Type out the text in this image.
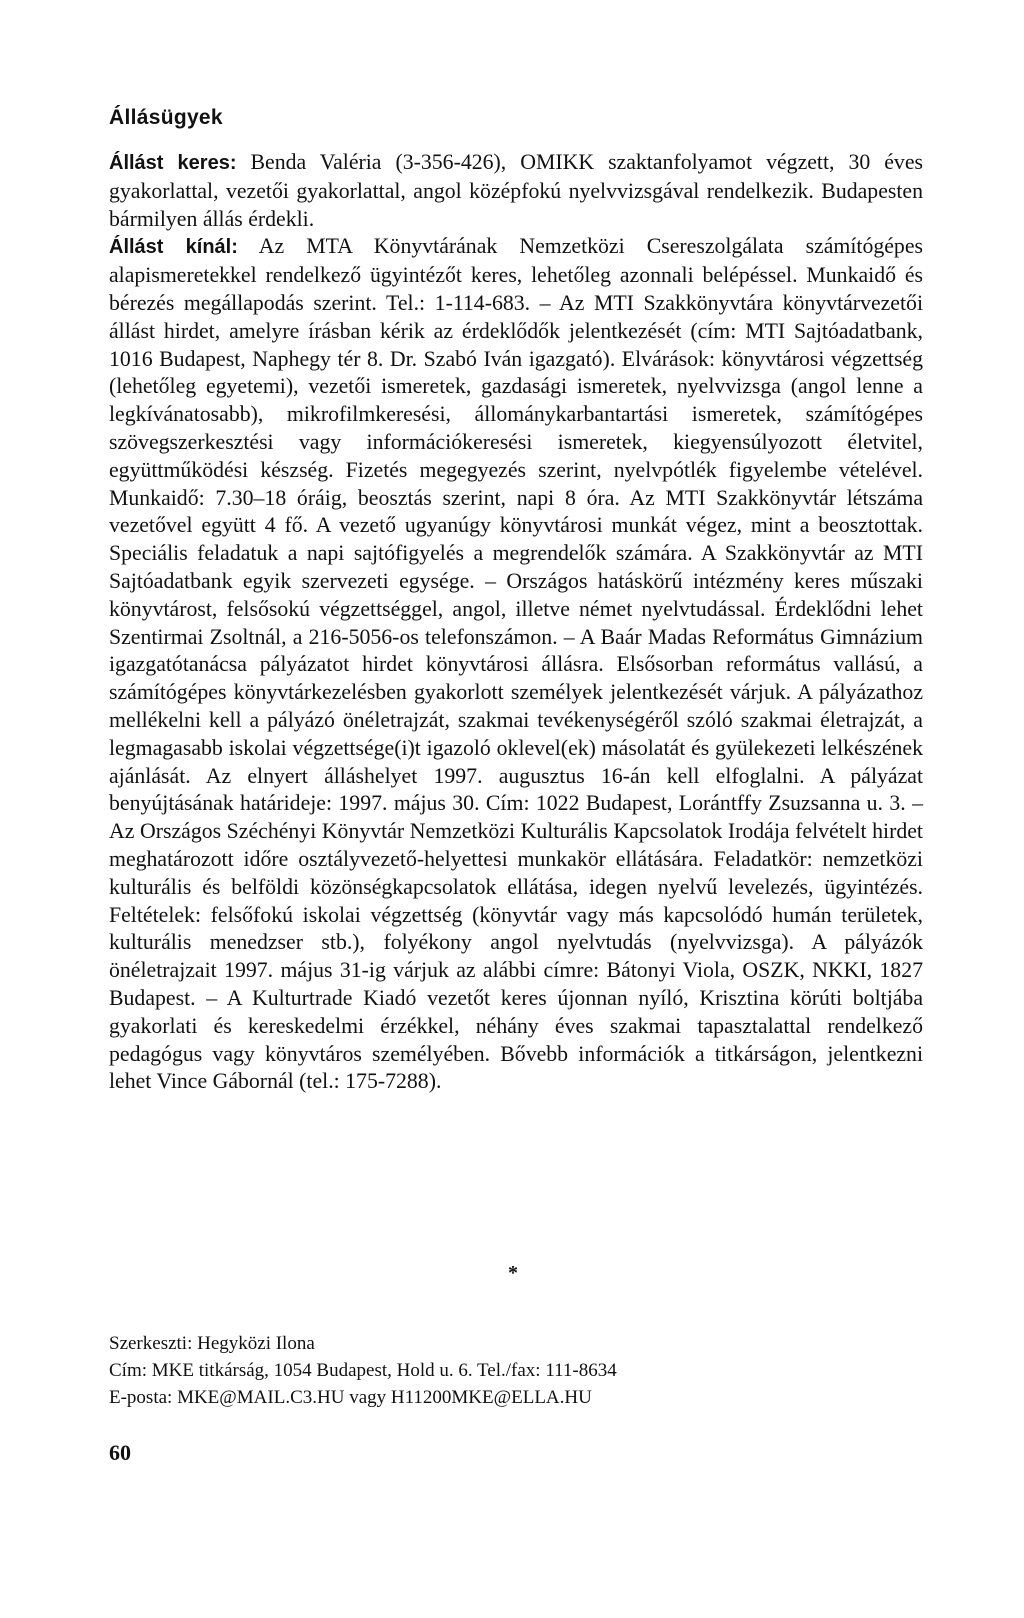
Állásügyek

Állást keres: Benda Valéria (3-356-426), OMIKK szaktanfolyamot végzett, 30 éves gyakorlattal, vezetői gyakorlattal, angol középfokú nyelvvizsgával rendelkezik. Budapesten bármilyen állás érdekli.

Állást kínál: Az MTA Könyvtárának Nemzetközi Csereszolgálata számítógépes alapismeretekkel rendelkező ügyintézőt keres, lehetőleg azonnali belépéssel. Munkaidő és bérezés megállapodás szerint. Tel.: 1-114-683. – Az MTI Szakkönyvtára könyvtárvezetői állást hirdet, amelyre írásban kérik az érdeklődők jelentkezését (cím: MTI Sajtóadatbank, 1016 Budapest, Naphegy tér 8. Dr. Szabó Iván igazgató). Elvárások: könyvtárosi végzettség (lehetőleg egyetemi), vezetői ismeretek, gazdasági ismeretek, nyelvvizsga (angol lenne a legkívánatosabb), mikrofilmkeresési, állománykarbantartási ismeretek, számítógépes szövegszerkesztési vagy információkeresési ismeretek, kiegyensúlyozott életvitel, együttműködési készség. Fizetés megegyezés szerint, nyelvpótlék figyelembe vételével. Munkaidő: 7.30–18 óráig, beosztás szerint, napi 8 óra. Az MTI Szakkönyvtár létszáma vezetővel együtt 4 fő. A vezető ugyanúgy könyvtárosi munkát végez, mint a beosztottak. Speciális feladatuk a napi sajtófigyelés a megrendelők számára. A Szakkönyvtár az MTI Sajtóadatbank egyik szervezeti egysége. – Országos hatáskörű intézmény keres műszaki könyvtárost, felsősokú végzettséggel, angol, illetve német nyelvtudással. Érdeklődni lehet Szentirmai Zsoltnál, a 216-5056-os telefonszámon. – A Baár Madas Református Gimnázium igazgatótanácsa pályázatot hirdet könyvtárosi állásra. Elsősorban református vallású, a számítógépes könyvtárkezelésben gyakorlott személyek jelentkezését várjuk. A pályázathoz mellékelni kell a pályázó önéletrajzát, szakmai tevékenységéről szóló szakmai életrajzát, a legmagasabb iskolai végzettsége(i)t igazoló oklevel(ek) másolatát és gyülekezeti lelkészének ajánlását. Az elnyert álláshelyet 1997. augusztus 16-án kell elfoglalni. A pályázat benyújtásának határideje: 1997. május 30. Cím: 1022 Budapest, Lorántffy Zsuzsanna u. 3. – Az Országos Széchényi Könyvtár Nemzetközi Kulturális Kapcsolatok Irodája felvételt hirdet meghatározott időre osztályvezető-helyettesi munkakör ellátására. Feladatkör: nemzetközi kulturális és belföldi közönségkapcsolatok ellátása, idegen nyelvű levelezés, ügyintézés. Feltételek: felsőfokú iskolai végzettség (könyvtár vagy más kapcsolódó humán területek, kulturális menedzser stb.), folyékony angol nyelvtudás (nyelvvizsga). A pályázók önéletrajzait 1997. május 31-ig várjuk az alábbi címre: Bátonyi Viola, OSZK, NKKI, 1827 Budapest. – A Kulturtrade Kiadó vezetőt keres újonnan nyíló, Krisztina körúti boltjába gyakorlati és kereskedelmi érzékkel, néhány éves szakmai tapasztalattal rendelkező pedagógus vagy könyvtáros személyében. Bővebb információk a titkárságon, jelentkezni lehet Vince Gábornál (tel.: 175-7288).

*
Szerkeszti: Hegyközi Ilona
Cím: MKE titkárság, 1054 Budapest, Hold u. 6. Tel./fax: 111-8634
E-posta: MKE@MAIL.C3.HU vagy H11200MKE@ELLA.HU
60
